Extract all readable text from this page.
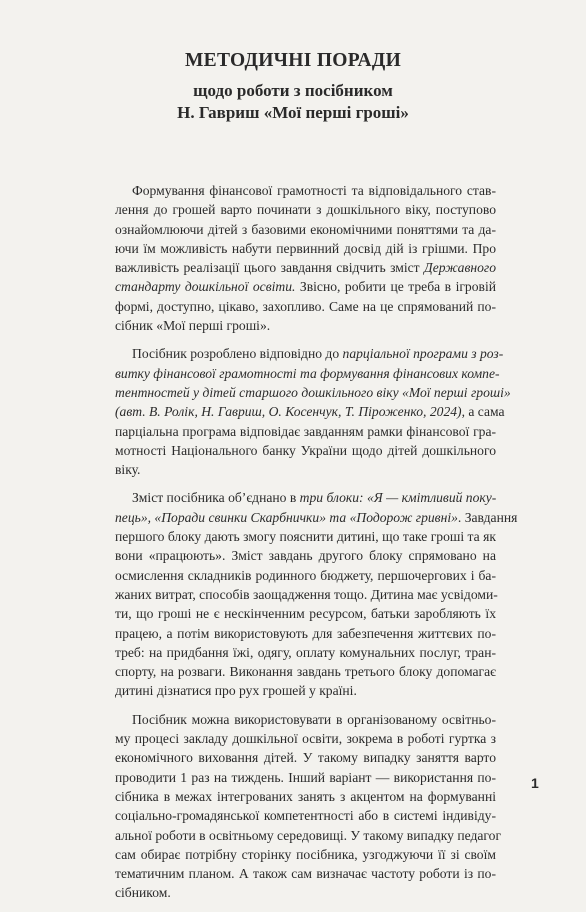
МЕТОДИЧНІ ПОРАДИ
щодо роботи з посібником
Н. Гавриш «Мої перші гроші»
Формування фінансової грамотності та відповідального став-
лення до грошей варто починати з дошкільного віку, поступово
ознайомлюючи дітей з базовими економічними поняттями та да-
ючи їм можливість набути первинний досвід дій із грішми. Про
важливість реалізації цього завдання свідчить зміст Державного
стандарту дошкільної освіти. Звісно, робити це треба в ігровій
формі, доступно, цікаво, захопливо. Саме на це спрямований по-
сібник «Мої перші гроші».
Посібник розроблено відповідно до парціальної програми з роз-
витку фінансової грамотності та формування фінансових компе-
тентностей у дітей старшого дошкільного віку «Мої перші гроші»
(авт. В. Ролік, Н. Гавриш, О. Косенчук, Т. Піроженко, 2024), а сама
парціальна програма відповідає завданням рамки фінансової гра-
мотності Національного банку України щодо дітей дошкільного
віку.
Зміст посібника об’єднано в три блоки: «Я — кмітливий поку-
пець», «Поради свинки Скарбнички» та «Подорож гривні». Завдання
першого блоку дають змогу пояснити дитині, що таке гроші та як
вони «працюють». Зміст завдань другого блоку спрямовано на
осмислення складників родинного бюджету, першочергових і ба-
жаних витрат, способів заощадження тощо. Дитина має усвідоми-
ти, що гроші не є нескінченним ресурсом, батьки заробляють їх
працею, а потім використовують для забезпечення життєвих по-
треб: на придбання їжі, одягу, оплату комунальних послуг, тран-
спорту, на розваги. Виконання завдань третього блоку допомагає
дитині дізнатися про рух грошей у країні.
Посібник можна використовувати в організованому освітньо-
му процесі закладу дошкільної освіти, зокрема в роботі гуртка з
економічного виховання дітей. У такому випадку заняття варто
проводити 1 раз на тиждень. Інший варіант — використання по-
сібника в межах інтегрованих занять з акцентом на формуванні
соціально-громадянської компетентності або в системі індивіду-
альної роботи в освітньому середовищі. У такому випадку педагог
сам обирає потрібну сторінку посібника, узгоджуючи її зі своїм
тематичним планом. А також сам визначає частоту роботи із по-
сібником.
1
